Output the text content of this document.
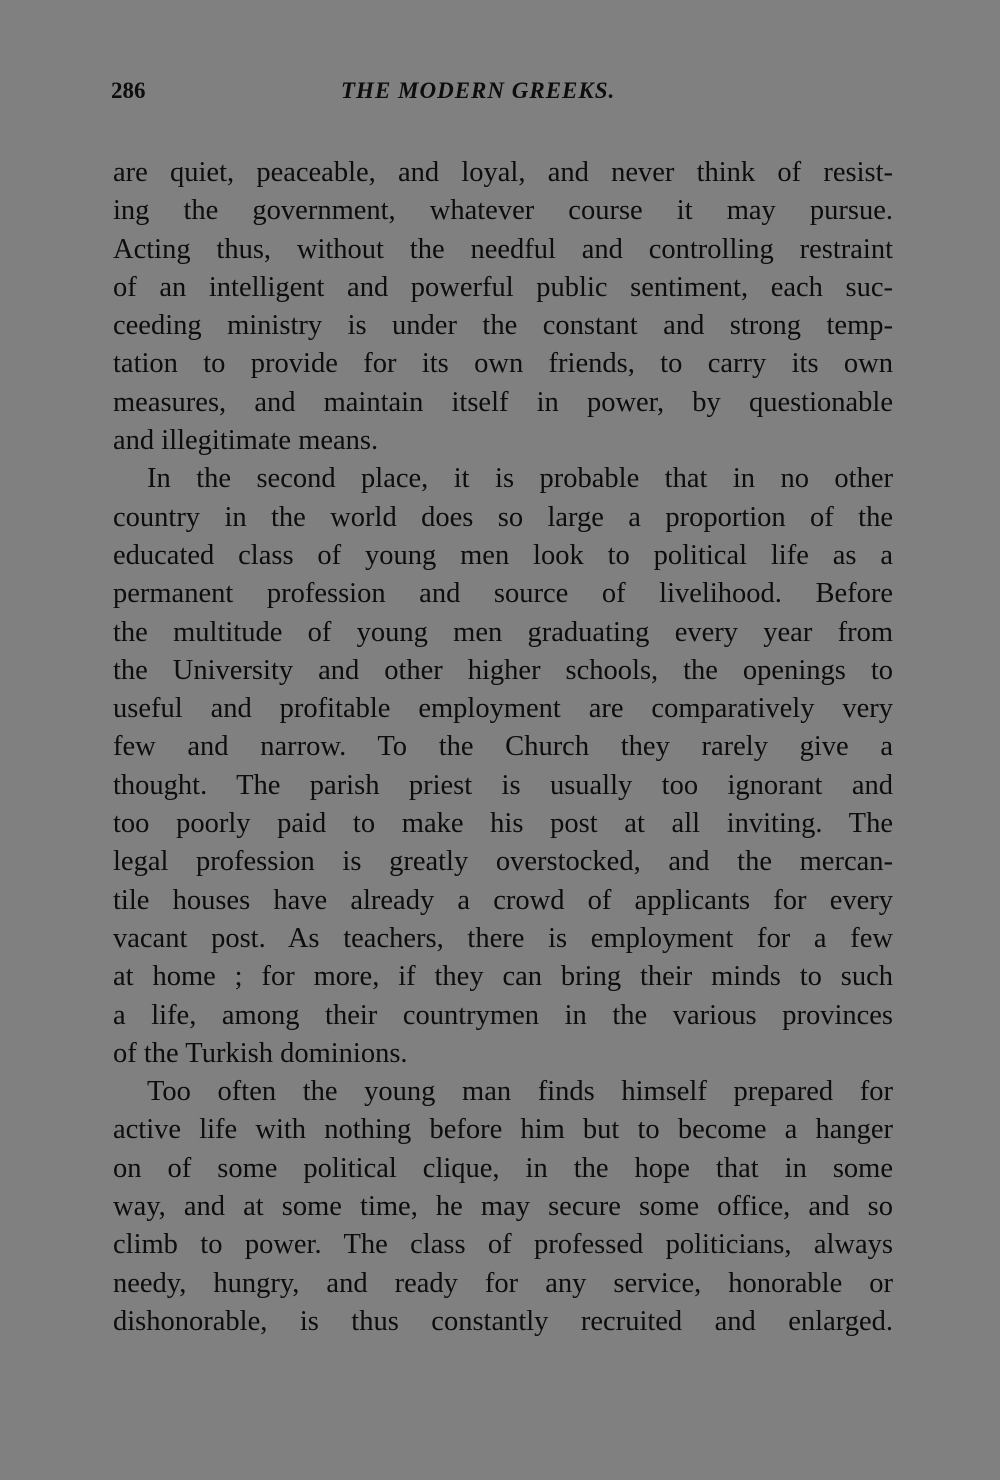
286	THE MODERN GREEKS.

are quiet, peaceable, and loyal, and never think of resist-
ing the government, whatever course it may pursue.
Acting thus, without the needful and controlling restraint
of an intelligent and powerful public sentiment, each suc-
ceeding ministry is under the constant and strong temp-
tation to provide for its own friends, to carry its own
measures, and maintain itself in power, by questionable
and illegitimate means.

In the second place, it is probable that in no other
country in the world does so large a proportion of the
educated class of young men look to political life as a
permanent profession and source of livelihood. Before
the multitude of young men graduating every year from
the University and other higher schools, the openings to
useful and profitable employment are comparatively very
few and narrow. To the Church they rarely give a
thought. The parish priest is usually too ignorant and
too poorly paid to make his post at all inviting. The
legal profession is greatly overstocked, and the mercan-
tile houses have already a crowd of applicants for every
vacant post. As teachers, there is employment for a few
at home ; for more, if they can bring their minds to such
a life, among their countrymen in the various provinces
of the Turkish dominions.

Too often the young man finds himself prepared for
active life with nothing before him but to become a hanger
on of some political clique, in the hope that in some
way, and at some time, he may secure some office, and so
climb to power. The class of professed politicians, always
needy, hungry, and ready for any service, honorable or
dishonorable, is thus constantly recruited and enlarged.
